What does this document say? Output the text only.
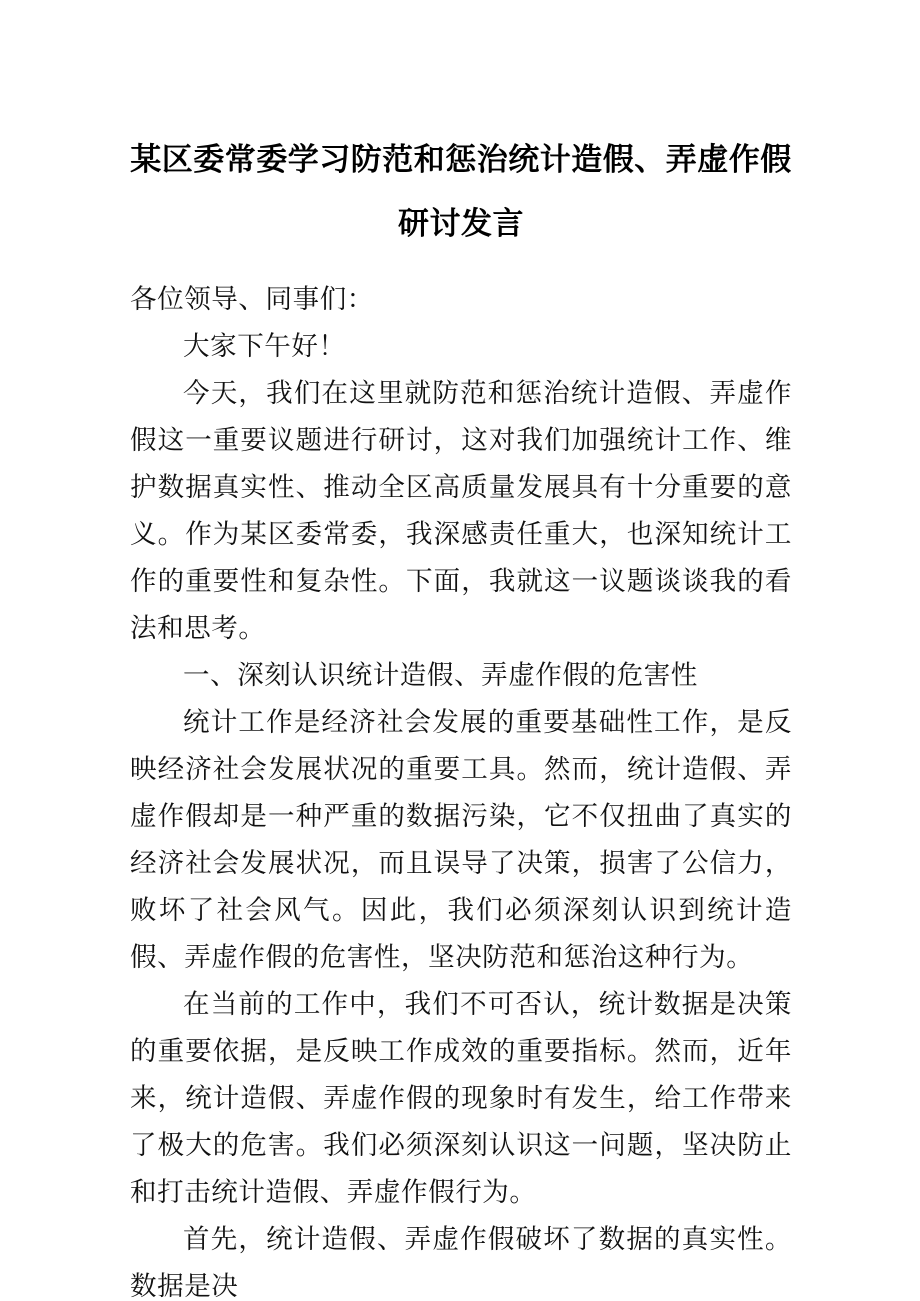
某区委常委学习防范和惩治统计造假、弄虚作假研讨发言

各位领导、同事们：

大家下午好！

今天，我们在这里就防范和惩治统计造假、弄虚作假这一重要议题进行研讨，这对我们加强统计工作、维护数据真实性、推动全区高质量发展具有十分重要的意义。作为某区委常委，我深感责任重大，也深知统计工作的重要性和复杂性。下面，我就这一议题谈谈我的看法和思考。

一、深刻认识统计造假、弄虚作假的危害性

统计工作是经济社会发展的重要基础性工作，是反映经济社会发展状况的重要工具。然而，统计造假、弄虚作假却是一种严重的数据污染，它不仅扭曲了真实的经济社会发展状况，而且误导了决策，损害了公信力，败坏了社会风气。因此，我们必须深刻认识到统计造假、弄虚作假的危害性，坚决防范和惩治这种行为。

在当前的工作中，我们不可否认，统计数据是决策的重要依据，是反映工作成效的重要指标。然而，近年来，统计造假、弄虚作假的现象时有发生，给工作带来了极大的危害。我们必须深刻认识这一问题，坚决防止和打击统计造假、弄虚作假行为。

首先，统计造假、弄虚作假破坏了数据的真实性。数据是决
